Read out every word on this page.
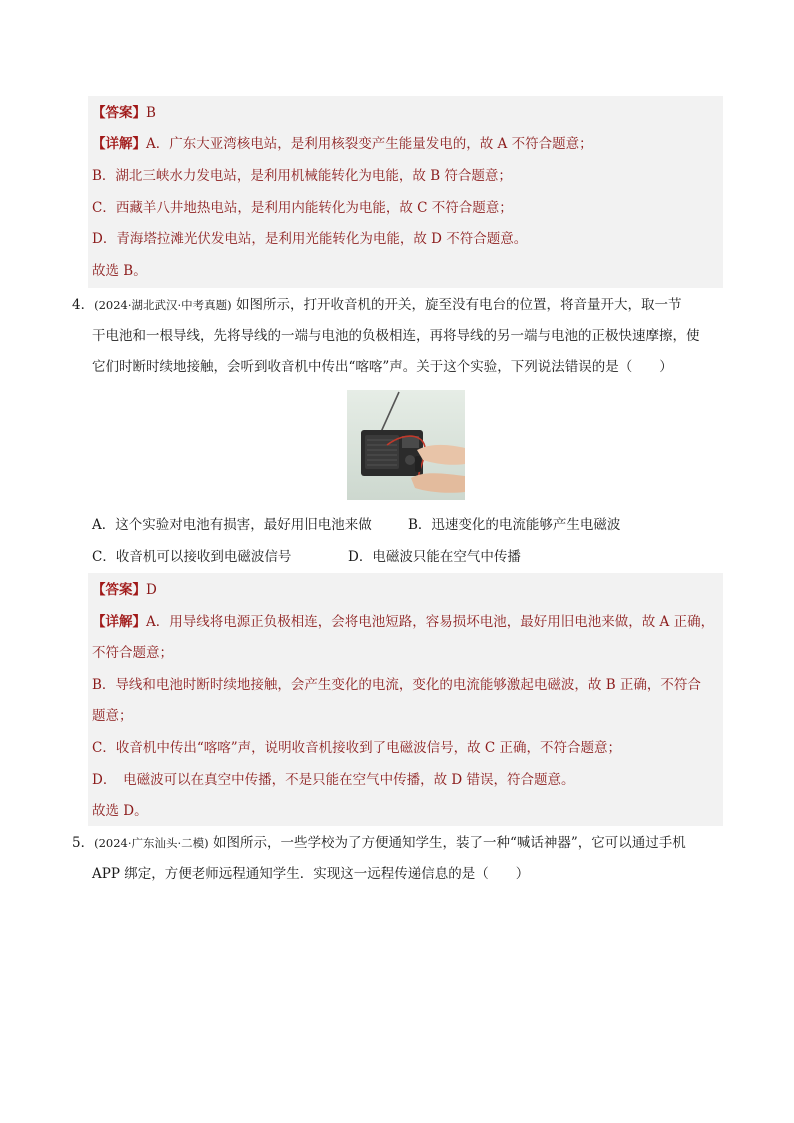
【答案】B
【详解】A．广东大亚湾核电站，是利用核裂变产生能量发电的，故 A 不符合题意；
B．湖北三峡水力发电站，是利用机械能转化为电能，故 B 符合题意；
C．西藏羊八井地热电站，是利用内能转化为电能，故 C 不符合题意；
D．青海塔拉滩光伏发电站，是利用光能转化为电能，故 D 不符合题意。
故选 B。
4．(2024·湖北武汉·中考真题) 如图所示，打开收音机的开关，旋至没有电台的位置，将音量开大，取一节
干电池和一根导线，先将导线的一端与电池的负极相连，再将导线的另一端与电池的正极快速摩擦，使
它们时断时续地接触，会听到收音机中传出“喀喀”声。关于这个实验，下列说法错误的是（　　）
A．这个实验对电池有损害，最好用旧电池来做	B．迅速变化的电流能够产生电磁波
C．收音机可以接收到电磁波信号	D．电磁波只能在空气中传播
【答案】D
【详解】A．用导线将电源正负极相连，会将电池短路，容易损坏电池，最好用旧电池来做，故 A 正确，
不符合题意；
B．导线和电池时断时续地接触，会产生变化的电流，变化的电流能够激起电磁波，故 B 正确，不符合
题意；
C．收音机中传出“喀喀”声，说明收音机接收到了电磁波信号，故 C 正确，不符合题意；
D．　电磁波可以在真空中传播，不是只能在空气中传播，故 D 错误，符合题意。
故选 D。
5．(2024·广东汕头·二模) 如图所示，一些学校为了方便通知学生，装了一种“喊话神器”，它可以通过手机
APP 绑定，方便老师远程通知学生．实现这一远程传递信息的是（　　）
